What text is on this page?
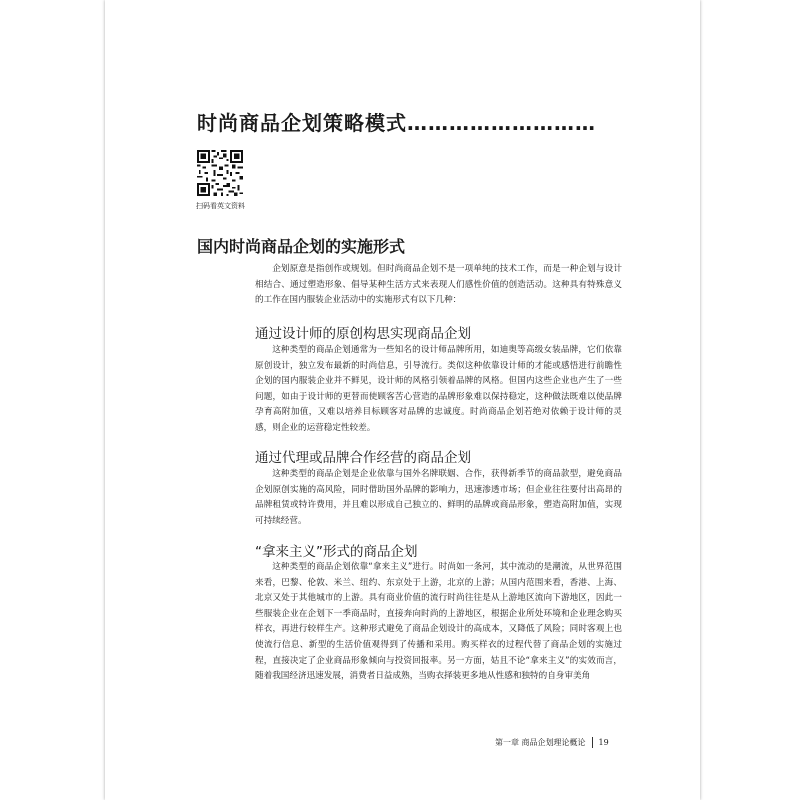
时尚商品企划策略模式………………………
扫码看英文资料
国内时尚商品企划的实施形式

企划原意是指创作或规划。但时尚商品企划不是一项单纯的技术工作，而是一种企划与设计相结合、通过塑造形象、倡导某种生活方式来表现人们感性价值的创造活动。这种具有特殊意义的工作在国内服装企业活动中的实施形式有以下几种：

通过设计师的原创构思实现商品企划

这种类型的商品企划通常为一些知名的设计师品牌所用，如迪奥等高级女装品牌，它们依靠原创设计，独立发布最新的时尚信息，引导流行。类似这种依靠设计师的才能或感悟进行前瞻性企划的国内服装企业并不鲜见，设计师的风格引领着品牌的风格。但国内这些企业也产生了一些问题，如由于设计师的更替而使顾客苦心营造的品牌形象难以保持稳定，这种做法既难以使品牌孕育高附加值，又难以培养目标顾客对品牌的忠诚度。时尚商品企划若绝对依赖于设计师的灵感，则企业的运营稳定性较差。

通过代理或品牌合作经营的商品企划

这种类型的商品企划是企业依靠与国外名牌联姻、合作，获得新季节的商品款型，避免商品企划原创实施的高风险，同时借助国外品牌的影响力，迅速渗透市场；但企业往往要付出高昂的品牌租赁或特许费用，并且难以形成自己独立的、鲜明的品牌或商品形象，塑造高附加值，实现可持续经营。

“拿来主义”形式的商品企划

这种类型的商品企划依靠“拿来主义”进行。时尚如一条河，其中流动的是潮流，从世界范围来看，巴黎、伦敦、米兰、纽约、东京处于上游，北京的上游；从国内范围来看，香港、上海、北京又处于其他城市的上游。具有商业价值的流行时尚往往是从上游地区流向下游地区，因此一些服装企业在企划下一季商品时，直接奔向时尚的上游地区，根据企业所处环境和企业理念购买样衣，再进行较样生产。这种形式避免了商品企划设计的高成本，又降低了风险；同时客观上也使流行信息、新型的生活价值观得到了传播和采用。购买样衣的过程代替了商品企划的实施过程，直接决定了企业商品形象倾向与投资回报率。另一方面，姑且不论“拿来主义”的实效而言，随着我国经济迅速发展，消费者日益成熟，当购衣择装更多地从性感和独特的自身审美角

第一章 商品企划理论概论 19
